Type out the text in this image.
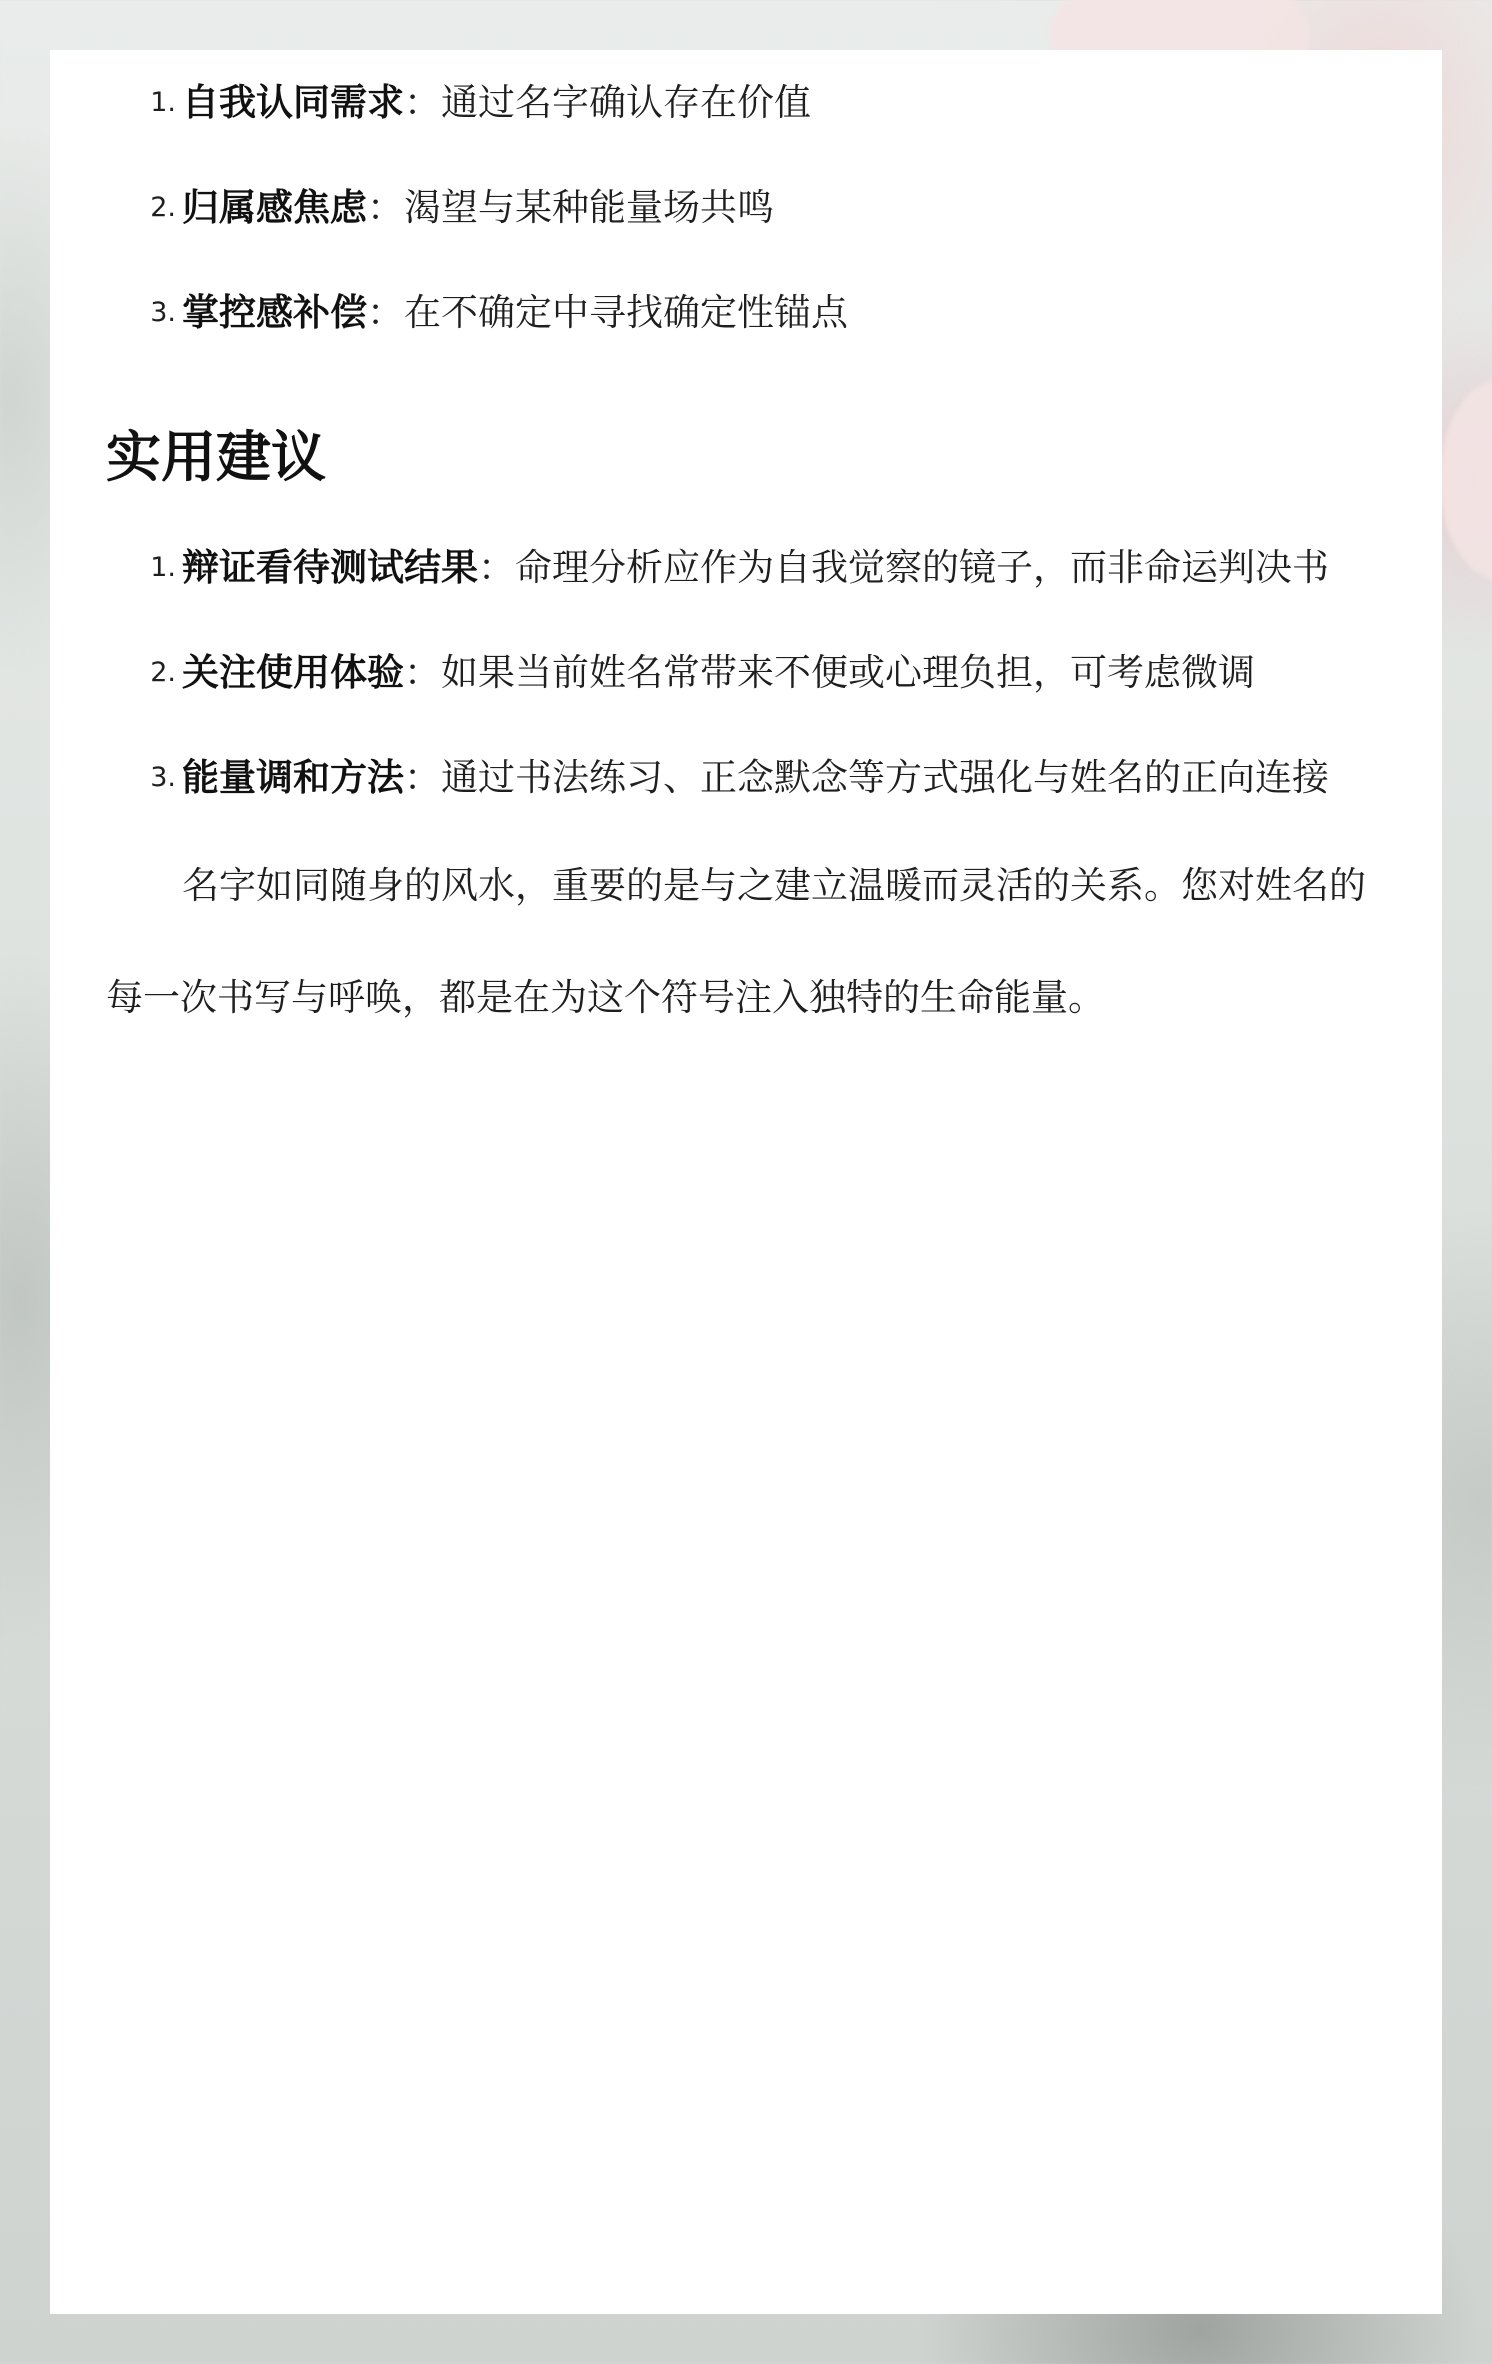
1. 自我认同需求：通过名字确认存在价值
2. 归属感焦虑：渴望与某种能量场共鸣
3. 掌控感补偿：在不确定中寻找确定性锚点
实用建议
1. 辩证看待测试结果：命理分析应作为自我觉察的镜子，而非命运判决书
2. 关注使用体验：如果当前姓名常带来不便或心理负担，可考虑微调
3. 能量调和方法：通过书法练习、正念默念等方式强化与姓名的正向连接

名字如同随身的风水，重要的是与之建立温暖而灵活的关系。您对姓名的每一次书写与呼唤，都是在为这个符号注入独特的生命能量。
